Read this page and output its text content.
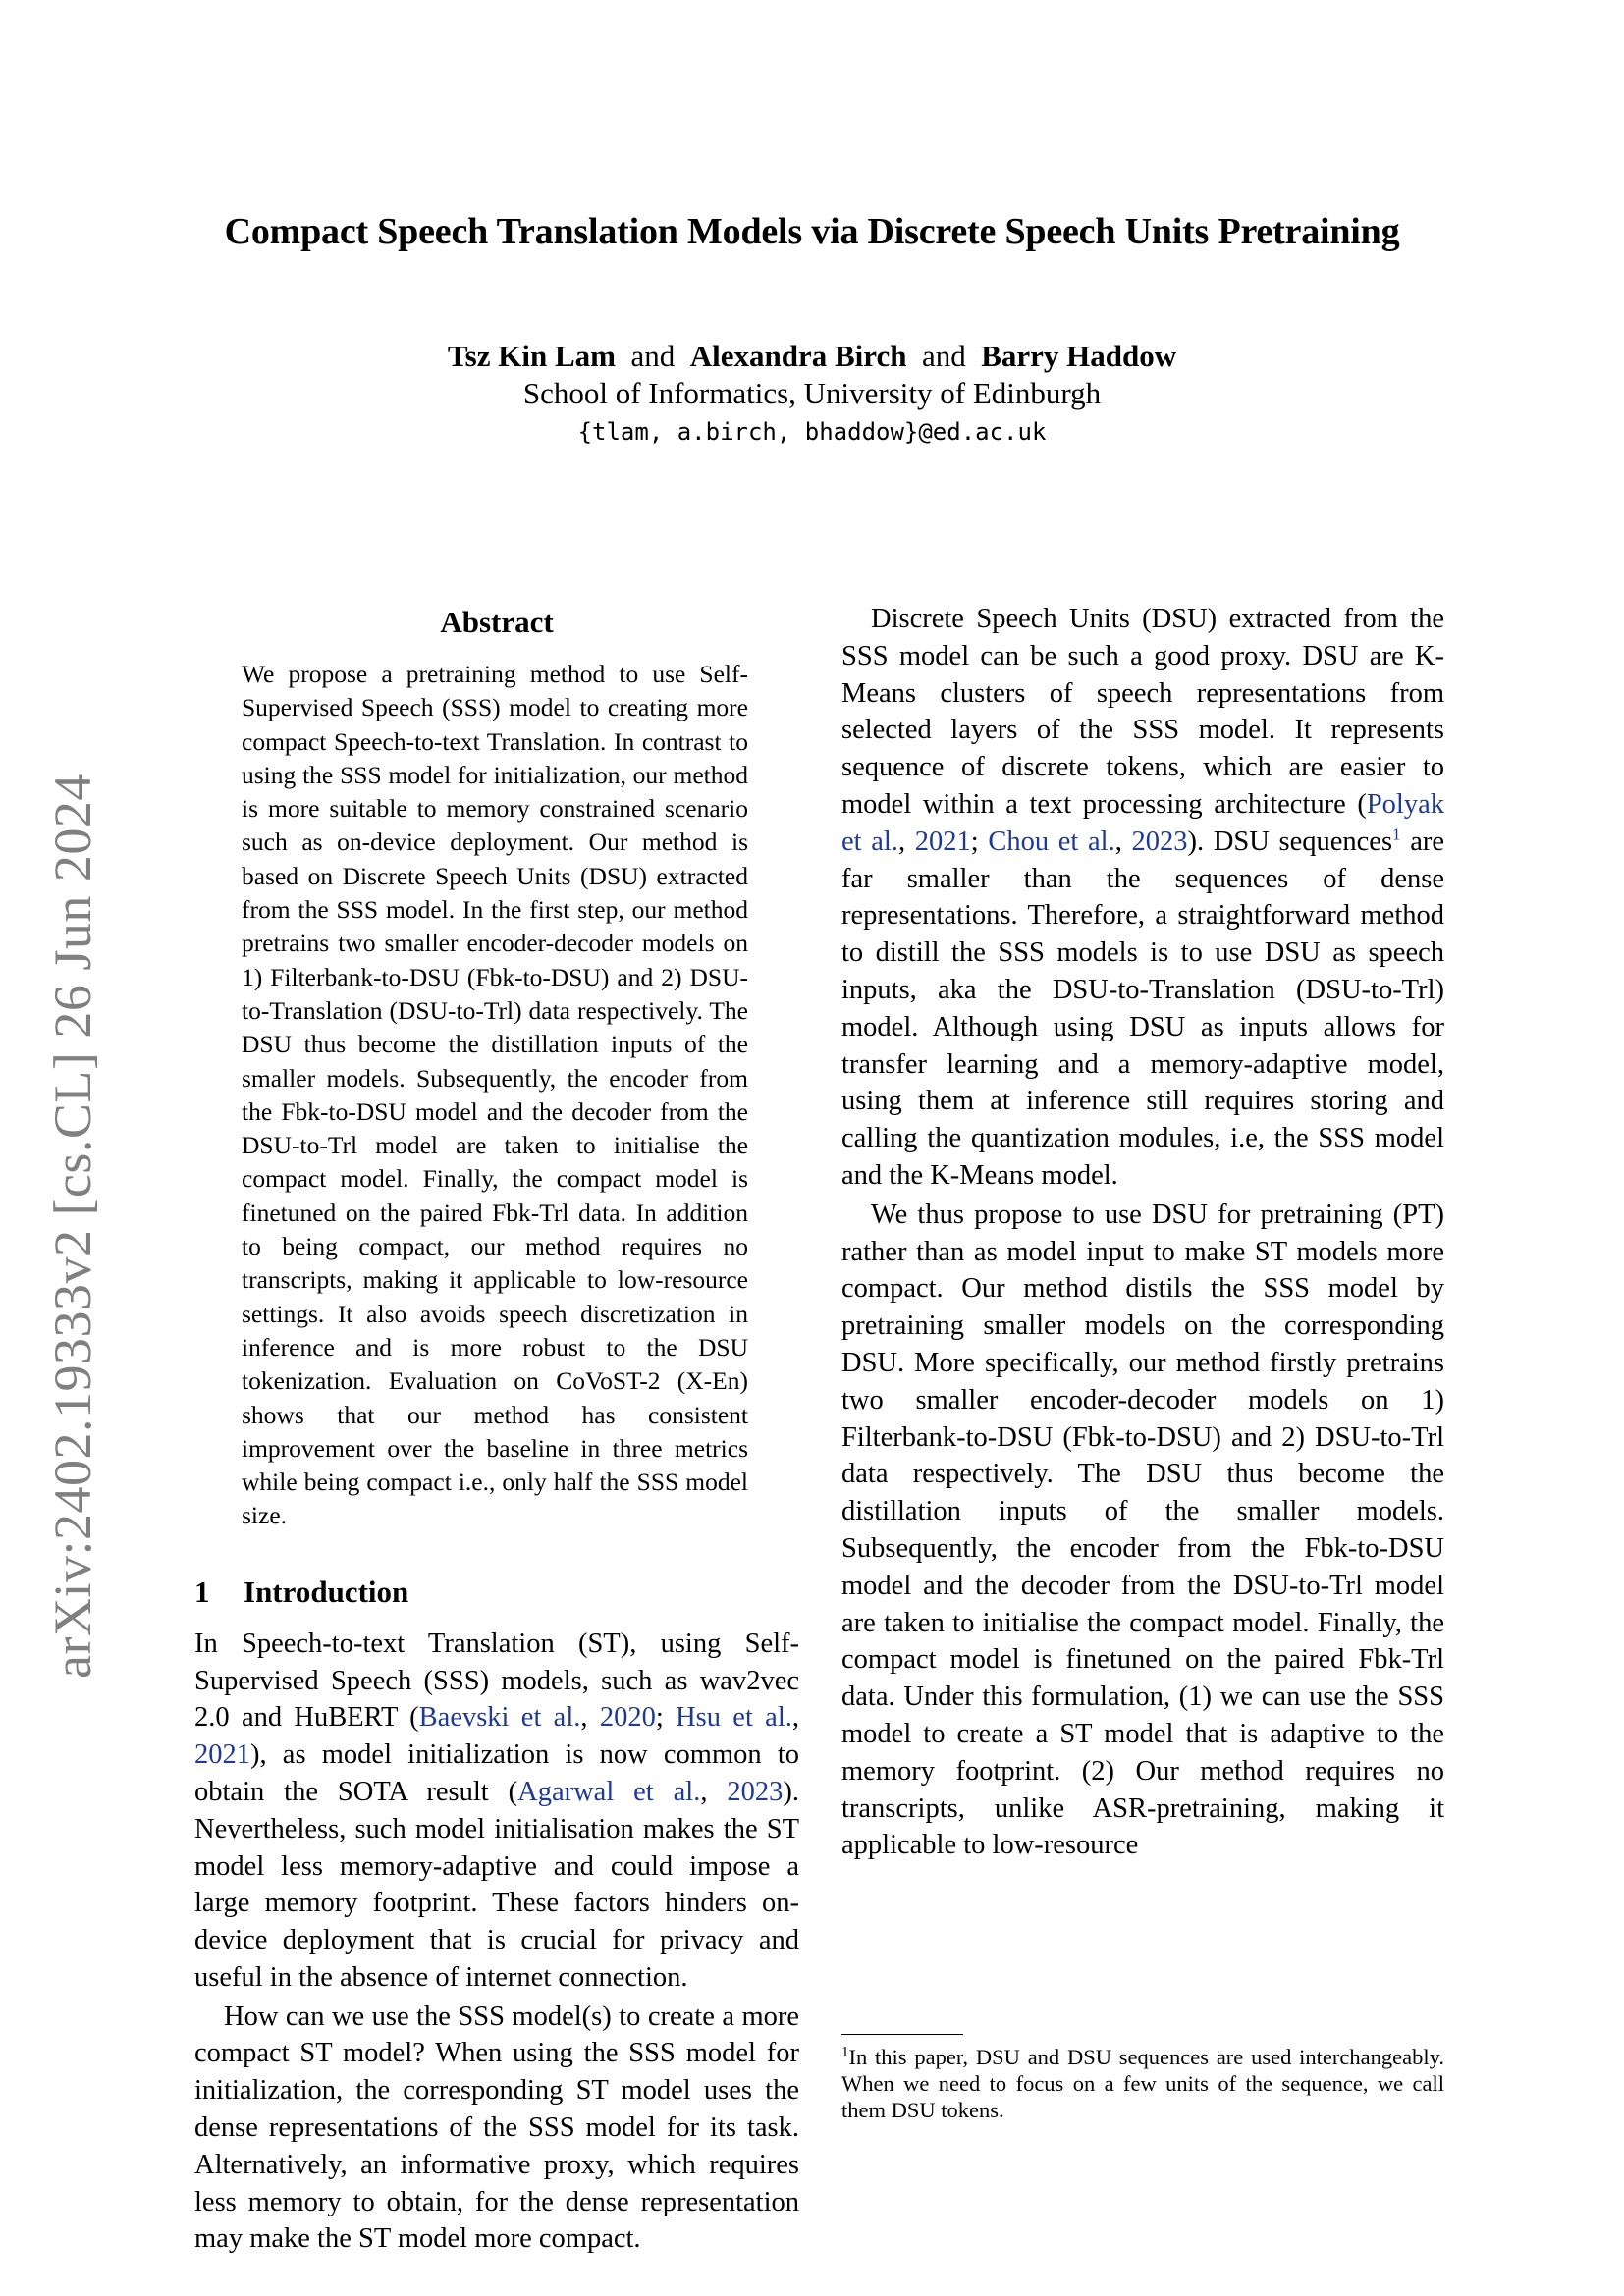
Compact Speech Translation Models via Discrete Speech Units Pretraining
Tsz Kin Lam and Alexandra Birch and Barry Haddow
School of Informatics, University of Edinburgh
{tlam, a.birch, bhaddow}@ed.ac.uk
arXiv:2402.19333v2 [cs.CL] 26 Jun 2024
Abstract
We propose a pretraining method to use Self-Supervised Speech (SSS) model to creating more compact Speech-to-text Translation. In contrast to using the SSS model for initialization, our method is more suitable to memory constrained scenario such as on-device deployment. Our method is based on Discrete Speech Units (DSU) extracted from the SSS model. In the first step, our method pretrains two smaller encoder-decoder models on 1) Filterbank-to-DSU (Fbk-to-DSU) and 2) DSU-to-Translation (DSU-to-Trl) data respectively. The DSU thus become the distillation inputs of the smaller models. Subsequently, the encoder from the Fbk-to-DSU model and the decoder from the DSU-to-Trl model are taken to initialise the compact model. Finally, the compact model is finetuned on the paired Fbk-Trl data. In addition to being compact, our method requires no transcripts, making it applicable to low-resource settings. It also avoids speech discretization in inference and is more robust to the DSU tokenization. Evaluation on CoVoST-2 (X-En) shows that our method has consistent improvement over the baseline in three metrics while being compact i.e., only half the SSS model size.
1 Introduction

In Speech-to-text Translation (ST), using Self-Supervised Speech (SSS) models, such as wav2vec 2.0 and HuBERT (Baevski et al., 2020; Hsu et al., 2021), as model initialization is now common to obtain the SOTA result (Agarwal et al., 2023). Nevertheless, such model initialisation makes the ST model less memory-adaptive and could impose a large memory footprint. These factors hinders on-device deployment that is crucial for privacy and useful in the absence of internet connection.

How can we use the SSS model(s) to create a more compact ST model? When using the SSS model for initialization, the corresponding ST model uses the dense representations of the SSS model for its task. Alternatively, an informative proxy, which requires less memory to obtain, for the dense representation may make the ST model more compact.

Discrete Speech Units (DSU) extracted from the SSS model can be such a good proxy. DSU are K-Means clusters of speech representations from selected layers of the SSS model. It represents sequence of discrete tokens, which are easier to model within a text processing architecture (Polyak et al., 2021; Chou et al., 2023). DSU sequences$^1$ are far smaller than the sequences of dense representations. Therefore, a straightforward method to distill the SSS models is to use DSU as speech inputs, aka the DSU-to-Translation (DSU-to-Trl) model. Although using DSU as inputs allows for transfer learning and a memory-adaptive model, using them at inference still requires storing and calling the quantization modules, i.e, the SSS model and the K-Means model.

We thus propose to use DSU for pretraining (PT) rather than as model input to make ST models more compact. Our method distils the SSS model by pretraining smaller models on the corresponding DSU. More specifically, our method firstly pretrains two smaller encoder-decoder models on 1) Filterbank-to-DSU (Fbk-to-DSU) and 2) DSU-to-Trl data respectively. The DSU thus become the distillation inputs of the smaller models. Subsequently, the encoder from the Fbk-to-DSU model and the decoder from the DSU-to-Trl model are taken to initialise the compact model. Finally, the compact model is finetuned on the paired Fbk-Trl data. Under this formulation, (1) we can use the SSS model to create a ST model that is adaptive to the memory footprint. (2) Our method requires no transcripts, unlike ASR-pretraining, making it applicable to low-resource

$^1$In this paper, DSU and DSU sequences are used interchangeably. When we need to focus on a few units of the sequence, we call them DSU tokens.
